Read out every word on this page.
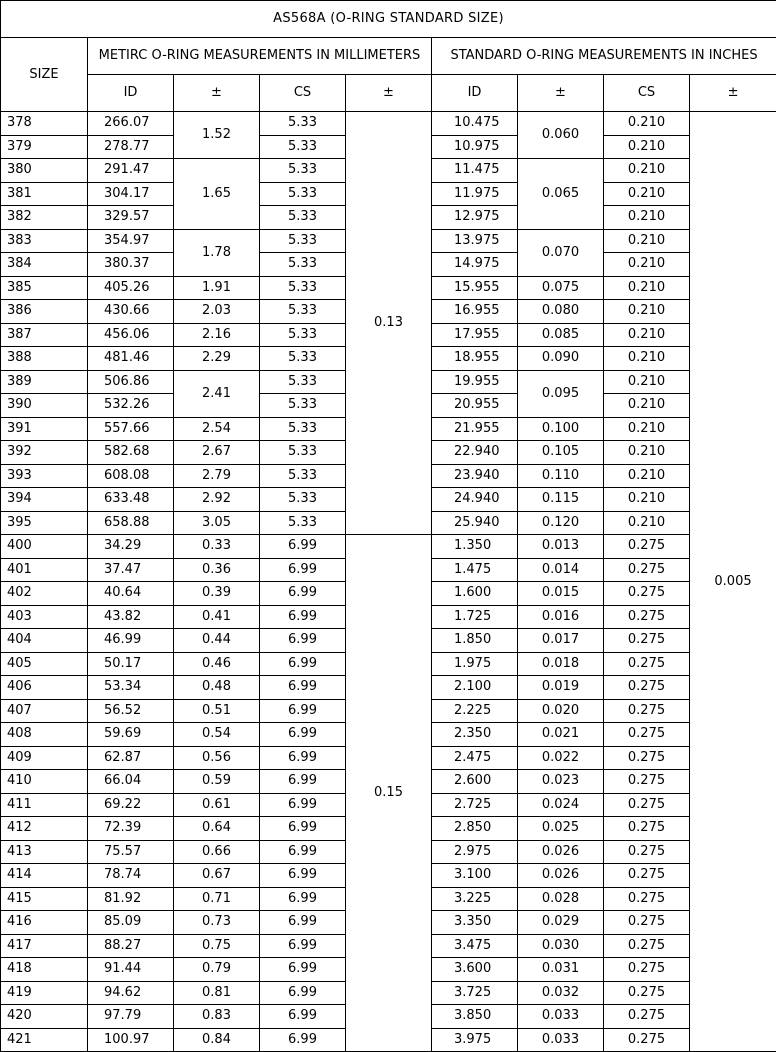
AS568A (O-RING STANDARD SIZE)								
SIZE	METIRC O-RING MEASUREMENTS IN MILLIMETERS				STANDARD O-RING MEASUREMENTS IN INCHES			
	ID	±	CS	±	ID	±	CS	±
378	266.07	1.52	5.33	0.13	10.475	0.060	0.210	0.005
379	278.77		5.33		10.975		0.210	
380	291.47	1.65	5.33		11.475	0.065	0.210	
381	304.17		5.33		11.975		0.210	
382	329.57		5.33		12.975		0.210	
383	354.97	1.78	5.33		13.975	0.070	0.210	
384	380.37		5.33		14.975		0.210	
385	405.26	1.91	5.33		15.955	0.075	0.210	
386	430.66	2.03	5.33		16.955	0.080	0.210	
387	456.06	2.16	5.33		17.955	0.085	0.210	
388	481.46	2.29	5.33		18.955	0.090	0.210	
389	506.86	2.41	5.33		19.955	0.095	0.210	
390	532.26		5.33		20.955		0.210	
391	557.66	2.54	5.33		21.955	0.100	0.210	
392	582.68	2.67	5.33		22.940	0.105	0.210	
393	608.08	2.79	5.33		23.940	0.110	0.210	
394	633.48	2.92	5.33		24.940	0.115	0.210	
395	658.88	3.05	5.33		25.940	0.120	0.210	
400	34.29	0.33	6.99	0.15	1.350	0.013	0.275	
401	37.47	0.36	6.99		1.475	0.014	0.275	
402	40.64	0.39	6.99		1.600	0.015	0.275	
403	43.82	0.41	6.99		1.725	0.016	0.275	
404	46.99	0.44	6.99		1.850	0.017	0.275	
405	50.17	0.46	6.99		1.975	0.018	0.275	
406	53.34	0.48	6.99		2.100	0.019	0.275	
407	56.52	0.51	6.99		2.225	0.020	0.275	
408	59.69	0.54	6.99		2.350	0.021	0.275	
409	62.87	0.56	6.99		2.475	0.022	0.275	
410	66.04	0.59	6.99		2.600	0.023	0.275	
411	69.22	0.61	6.99		2.725	0.024	0.275	
412	72.39	0.64	6.99		2.850	0.025	0.275	
413	75.57	0.66	6.99		2.975	0.026	0.275	
414	78.74	0.67	6.99		3.100	0.026	0.275	
415	81.92	0.71	6.99		3.225	0.028	0.275	
416	85.09	0.73	6.99		3.350	0.029	0.275	
417	88.27	0.75	6.99		3.475	0.030	0.275	
418	91.44	0.79	6.99		3.600	0.031	0.275	
419	94.62	0.81	6.99		3.725	0.032	0.275	
420	97.79	0.83	6.99		3.850	0.033	0.275	
421	100.97	0.84	6.99		3.975	0.033	0.275	
